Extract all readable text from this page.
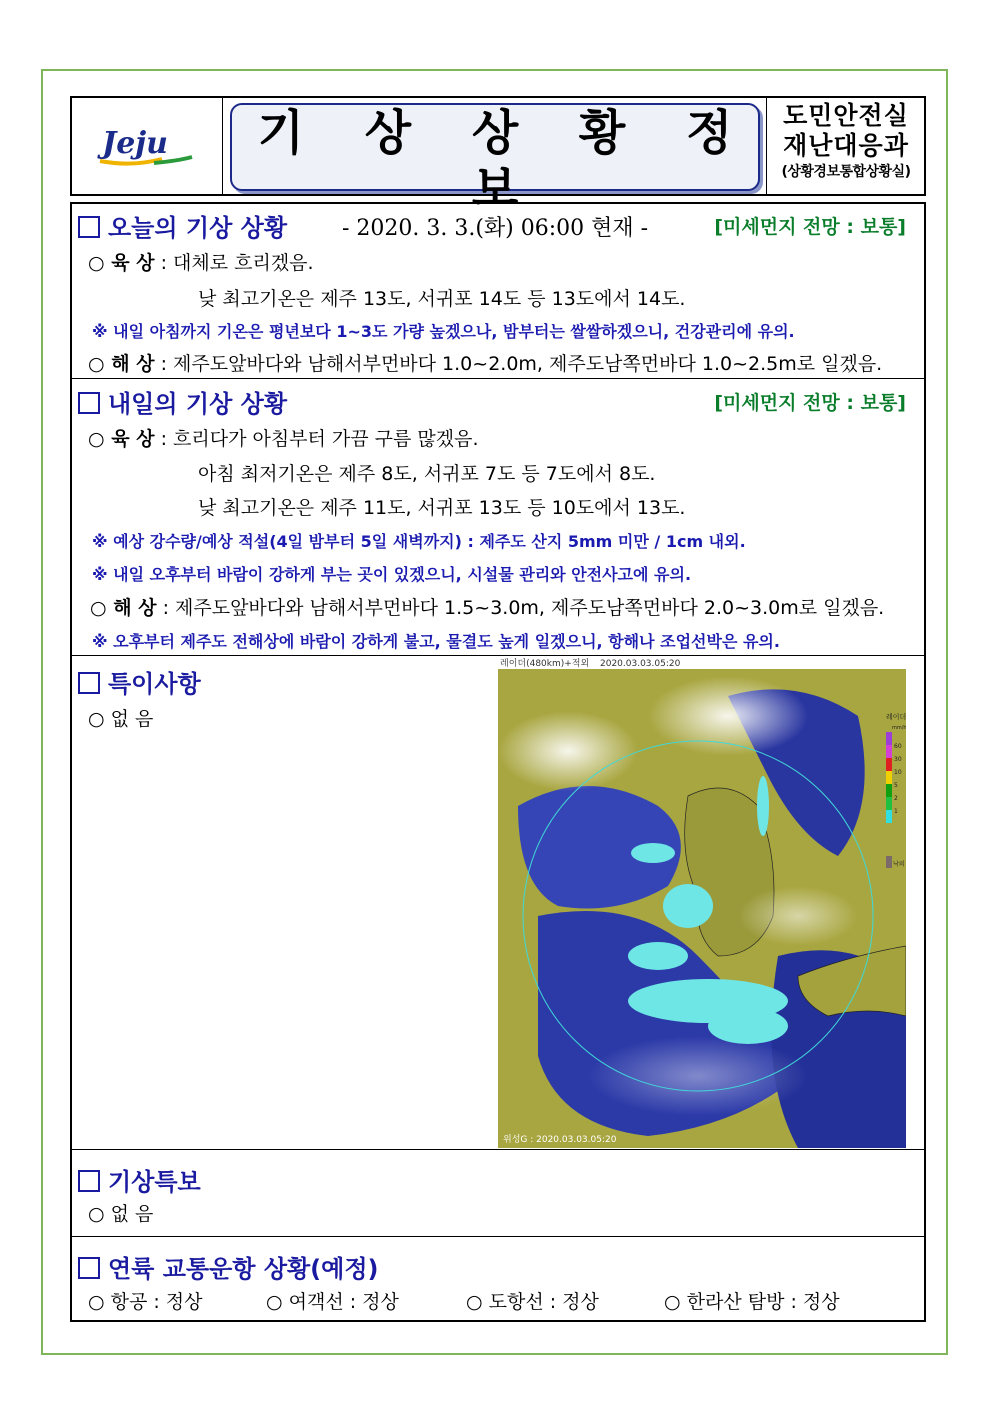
Jeju	기 상 상 황 정 보
- 2020. 3. 3.(화) 06:00 현재 -
도민안전실
재난대응과
(상황경보통합상황실)
오늘의 기상 상황	[미세먼지 전망 : 보통]
○ 육 상 : 대체로 흐리겠음.
낮 최고기온은 제주 13도, 서귀포 14도 등 13도에서 14도.
※ 내일 아침까지 기온은 평년보다 1~3도 가량 높겠으나, 밤부터는 쌀쌀하겠으니, 건강관리에 유의.
○ 해 상 : 제주도앞바다와 남해서부먼바다 1.0~2.0m, 제주도남쪽먼바다 1.0~2.5m로 일겠음.
내일의 기상 상황	[미세먼지 전망 : 보통]
○ 육 상 : 흐리다가 아침부터 가끔 구름 많겠음.
아침 최저기온은 제주 8도, 서귀포 7도 등 7도에서 8도.
낮 최고기온은 제주 11도, 서귀포 13도 등 10도에서 13도.
※ 예상 강수량/예상 적설(4일 밤부터 5일 새벽까지) : 제주도 산지 5mm 미만 / 1cm 내외.
※ 내일 오후부터 바람이 강하게 부는 곳이 있겠으니, 시설물 관리와 안전사고에 유의.
○ 해 상 : 제주도앞바다와 남해서부먼바다 1.5~3.0m, 제주도남쪽먼바다 2.0~3.0m로 일겠음.
※ 오후부터 제주도 전해상에 바람이 강하게 불고, 물결도 높게 일겠으니, 항해나 조업선박은 유의.
특이사항
○ 없 음
레이더(480km)+적외 2020.03.03.05:20
레이더
mm/h
60
30
10
5
2
1
낙뢰
위성G : 2020.03.03.05:20
기상특보
○ 없 음
연륙 교통운항 상황(예정)
○ 항공 : 정상	○ 여객선 : 정상	○ 도항선 : 정상	○ 한라산 탐방 : 정상
